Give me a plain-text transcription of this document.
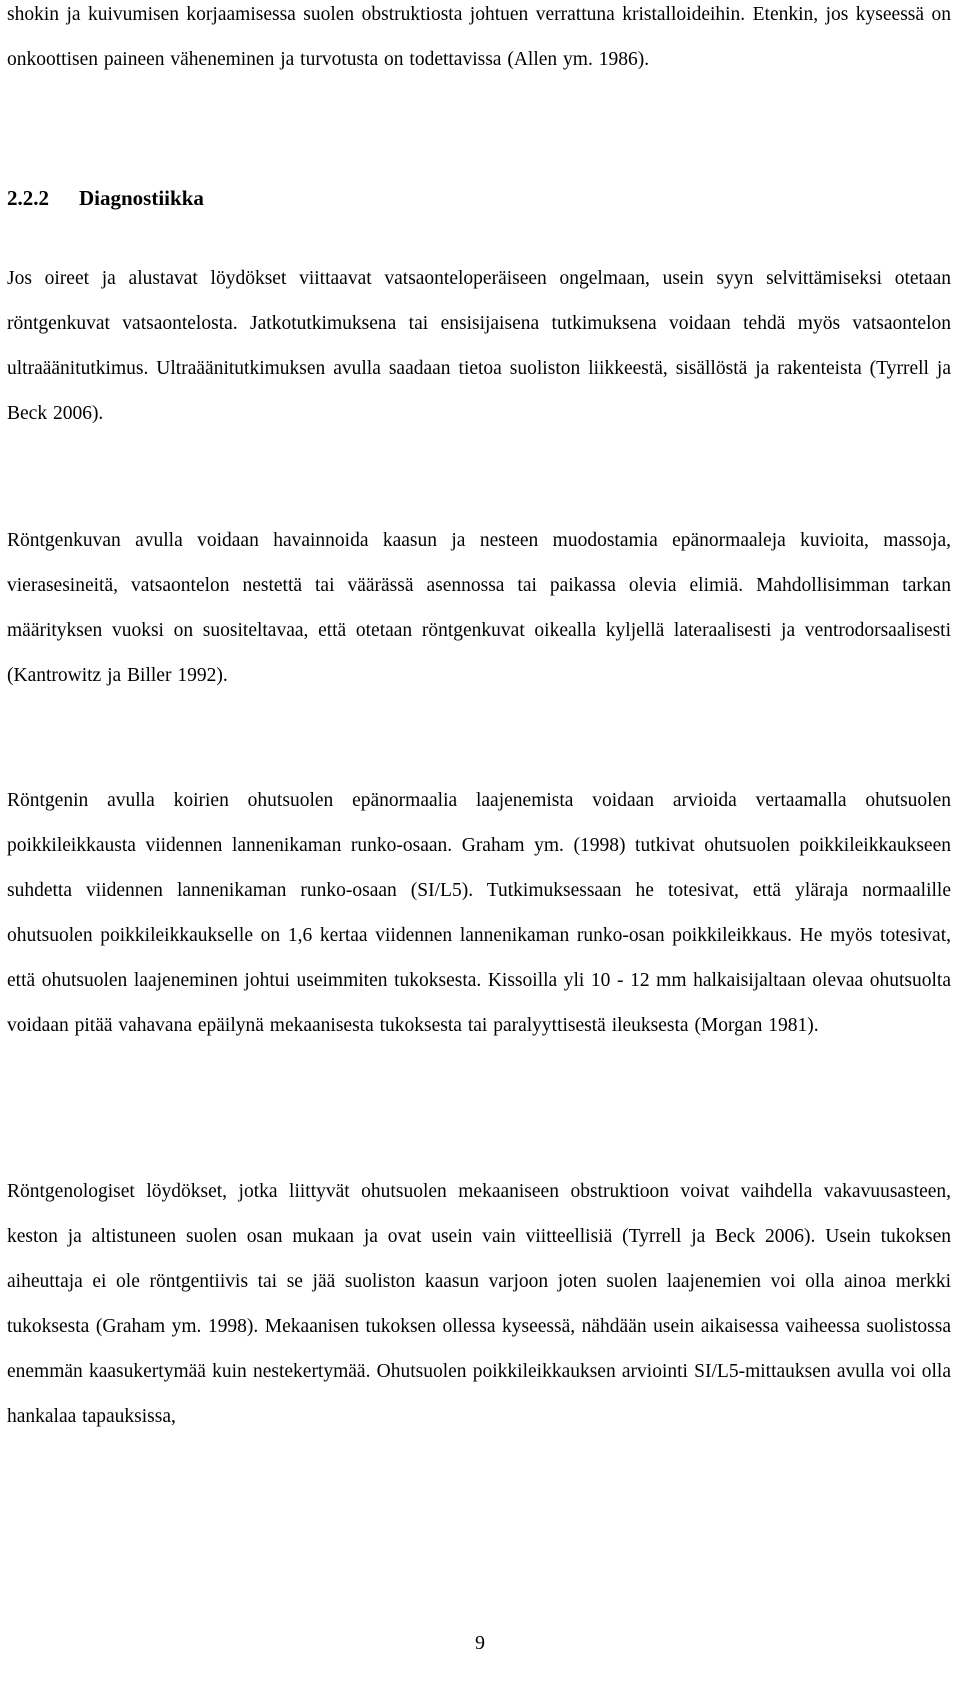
shokin ja kuivumisen korjaamisessa suolen obstruktiosta johtuen verrattuna kristalloideihin. Etenkin, jos kyseessä on onkoottisen paineen väheneminen ja turvotusta on todettavissa (Allen ym. 1986).

2.2.2 Diagnostiikka

Jos oireet ja alustavat löydökset viittaavat vatsaonteloperäiseen ongelmaan, usein syyn selvittämiseksi otetaan röntgenkuvat vatsaontelosta. Jatkotutkimuksena tai ensisijaisena tutkimuksena voidaan tehdä myös vatsaontelon ultraäänitutkimus. Ultraäänitutkimuksen avulla saadaan tietoa suoliston liikkeestä, sisällöstä ja rakenteista (Tyrrell ja Beck 2006).

Röntgenkuvan avulla voidaan havainnoida kaasun ja nesteen muodostamia epänormaaleja kuvioita, massoja, vierasesineitä, vatsaontelon nestettä tai väärässä asennossa tai paikassa olevia elimiä. Mahdollisimman tarkan määrityksen vuoksi on suositeltavaa, että otetaan röntgenkuvat oikealla kyljellä lateraalisesti ja ventrodorsaalisesti (Kantrowitz ja Biller 1992).

Röntgenin avulla koirien ohutsuolen epänormaalia laajenemista voidaan arvioida vertaamalla ohutsuolen poikkileikkausta viidennen lannenikaman runko-osaan. Graham ym. (1998) tutkivat ohutsuolen poikkileikkaukseen suhdetta viidennen lannenikaman runko-osaan (SI/L5). Tutkimuksessaan he totesivat, että yläraja normaalille ohutsuolen poikkileikkaukselle on 1,6 kertaa viidennen lannenikaman runko-osan poikkileikkaus. He myös totesivat, että ohutsuolen laajeneminen johtui useimmiten tukoksesta. Kissoilla yli 10 - 12 mm halkaisijaltaan olevaa ohutsuolta voidaan pitää vahavana epäilynä mekaanisesta tukoksesta tai paralyyttisestä ileuksesta (Morgan 1981).

Röntgenologiset löydökset, jotka liittyvät ohutsuolen mekaaniseen obstruktioon voivat vaihdella vakavuusasteen, keston ja altistuneen suolen osan mukaan ja ovat usein vain viitteellisiä (Tyrrell ja Beck 2006). Usein tukoksen aiheuttaja ei ole röntgentiivis tai se jää suoliston kaasun varjoon joten suolen laajenemien voi olla ainoa merkki tukoksesta (Graham ym. 1998). Mekaanisen tukoksen ollessa kyseessä, nähdään usein aikaisessa vaiheessa suolistossa enemmän kaasukertymää kuin nestekertymää. Ohutsuolen poikkileikkauksen arviointi SI/L5-mittauksen avulla voi olla hankalaa tapauksissa,

9
